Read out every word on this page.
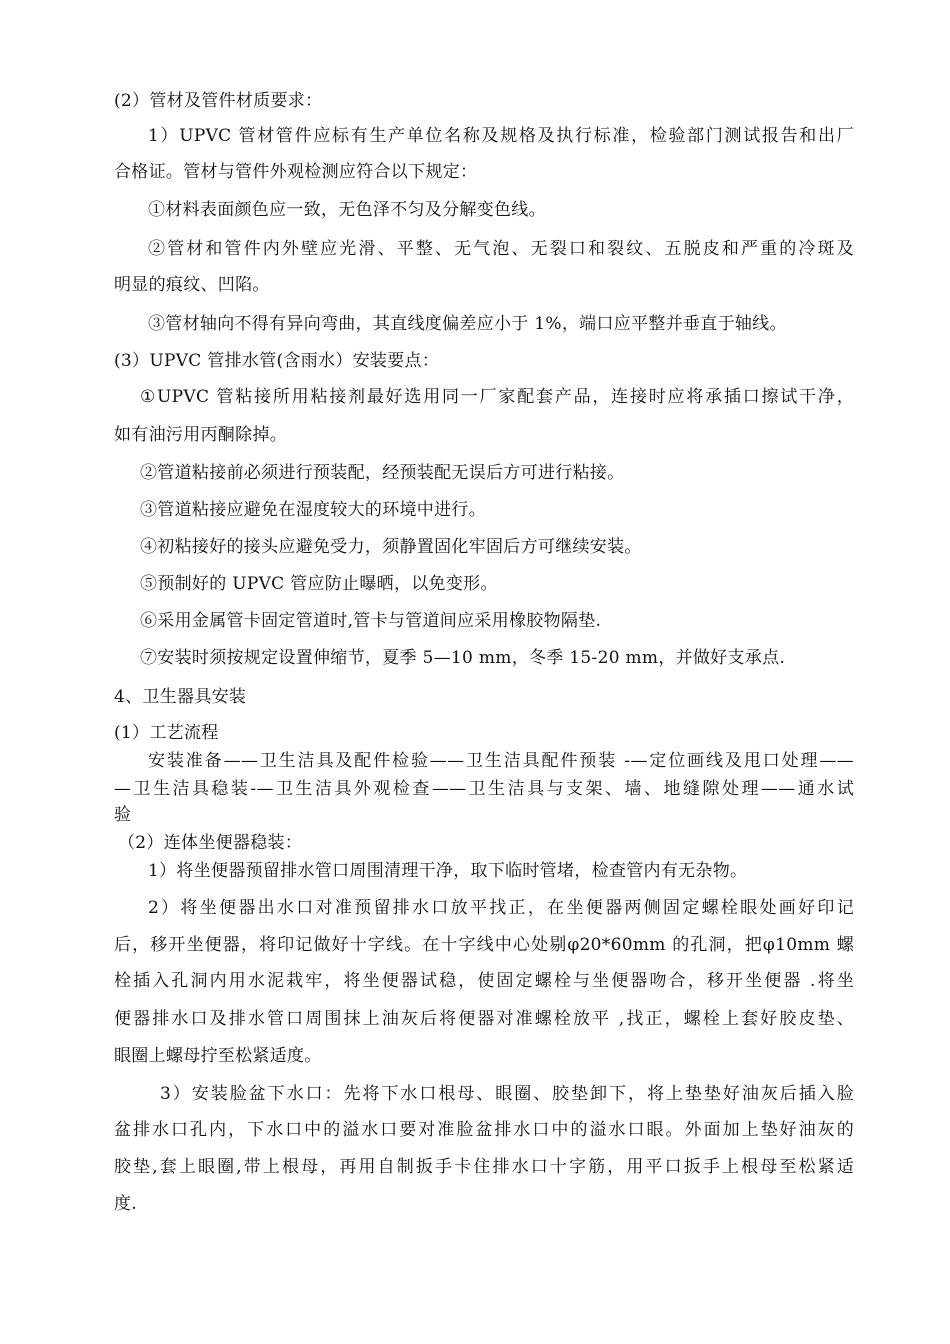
(2）管材及管件材质要求：
1）UPVC 管材管件应标有生产单位名称及规格及执行标准，检验部门测试报告和出厂
合格证。管材与管件外观检测应符合以下规定：
①材料表面颜色应一致，无色泽不匀及分解变色线。
②管材和管件内外壁应光滑、平整、无气泡、无裂口和裂纹、五脱皮和严重的冷斑及
明显的痕纹、凹陷。
③管材轴向不得有异向弯曲，其直线度偏差应小于 1%，端口应平整并垂直于轴线。
(3）UPVC 管排水管(含雨水）安装要点：
①UPVC 管粘接所用粘接剂最好选用同一厂家配套产品，连接时应将承插口擦试干净，
如有油污用丙酮除掉。
②管道粘接前必须进行预装配，经预装配无误后方可进行粘接。
③管道粘接应避免在湿度较大的环境中进行。
④初粘接好的接头应避免受力，须静置固化牢固后方可继续安装。
⑤预制好的 UPVC 管应防止曝晒，以免变形。
⑥采用金属管卡固定管道时,管卡与管道间应采用橡胶物隔垫.
⑦安装时须按规定设置伸缩节，夏季 5—10 mm，冬季 15-20 mm，并做好支承点.
4、卫生器具安装
(1）工艺流程
安装准备——卫生洁具及配件检验——卫生洁具配件预装 -—定位画线及甩口处理——
—卫生洁具稳装-—卫生洁具外观检查——卫生洁具与支架、墙、地缝隙处理——通水试
验
（2）连体坐便器稳装：
1）将坐便器预留排水管口周围清理干净，取下临时管堵，检查管内有无杂物。
2）将坐便器出水口对准预留排水口放平找正，在坐便器两侧固定螺栓眼处画好印记
后，移开坐便器，将印记做好十字线。在十字线中心处剔φ20*60mm 的孔洞，把φ10mm 螺
栓插入孔洞内用水泥栽牢，将坐便器试稳，使固定螺栓与坐便器吻合，移开坐便器 .将坐
便器排水口及排水管口周围抹上油灰后将便器对准螺栓放平 ,找正，螺栓上套好胶皮垫、
眼圈上螺母拧至松紧适度。
3）安装脸盆下水口：先将下水口根母、眼圈、胶垫卸下，将上垫垫好油灰后插入脸
盆排水口孔内，下水口中的溢水口要对准脸盆排水口中的溢水口眼。外面加上垫好油灰的
胶垫,套上眼圈,带上根母，再用自制扳手卡住排水口十字筋，用平口扳手上根母至松紧适
度.
